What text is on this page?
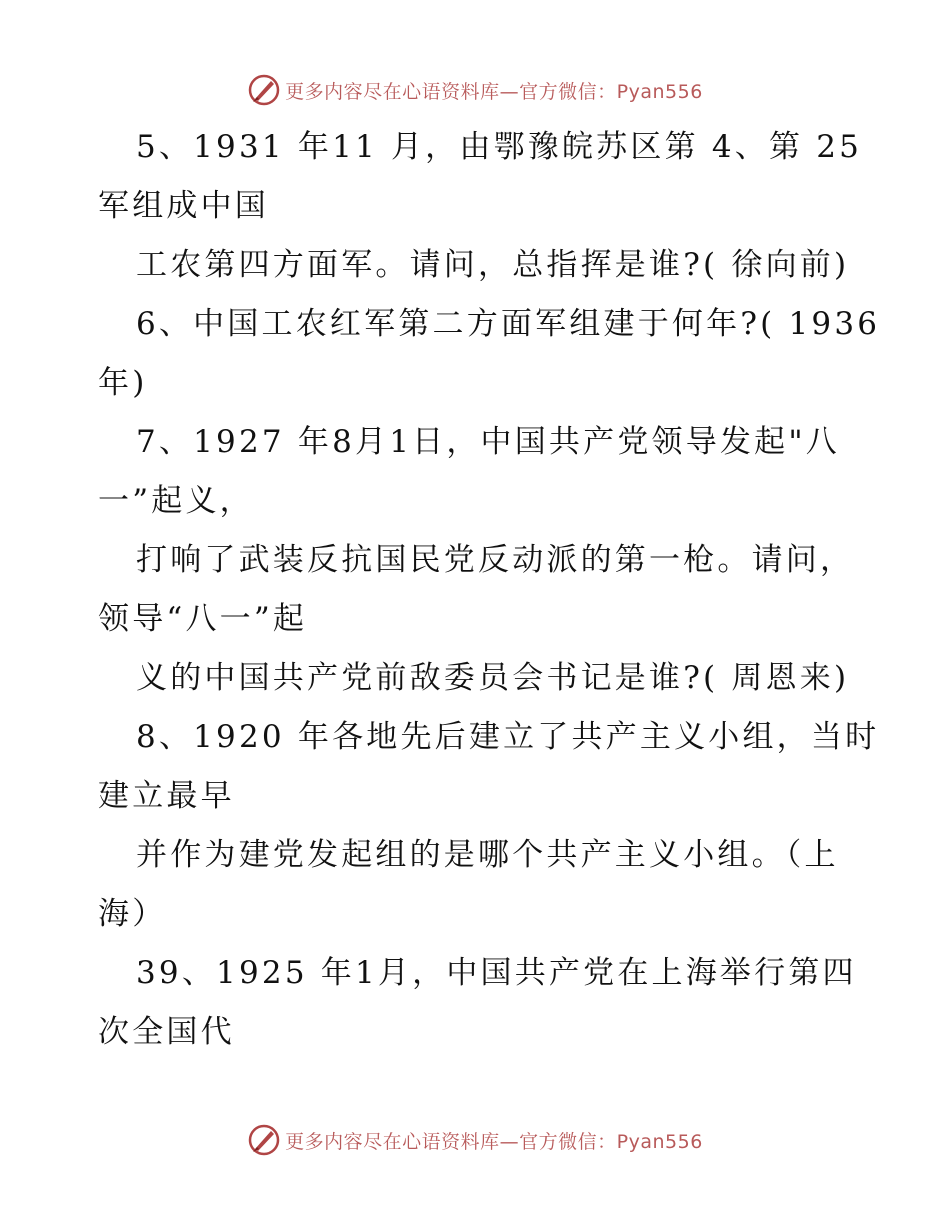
更多内容尽在心语资料库—官方微信：Pyan556
5、1931 年11 月，由鄂豫皖苏区第 4、第 25
军组成中国
工农第四方面军。请问，总指挥是谁?( 徐向前)
6、中国工农红军第二方面军组建于何年?( 1936
年)
7、1927 年8月1日，中国共产党领导发起"八
一”起义，
打响了武装反抗国民党反动派的第一枪。请问，
领导“八一”起
义的中国共产党前敌委员会书记是谁?( 周恩来)
8、1920 年各地先后建立了共产主义小组，当时
建立最早
并作为建党发起组的是哪个共产主义小组。（上
海）
39、1925 年1月，中国共产党在上海举行第四
次全国代
更多内容尽在心语资料库—官方微信：Pyan556
